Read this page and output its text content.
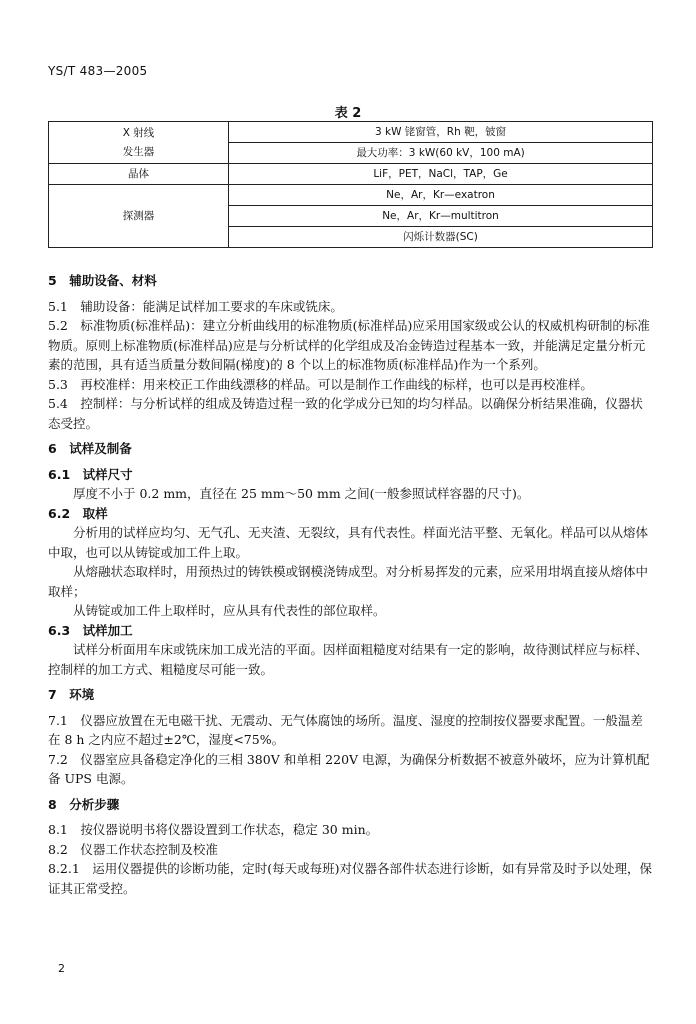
YS/T 483—2005
表 2
X 射线
发生器	3 kW 铑窗管，Rh 靶，铍窗
	最大功率：3 kW(60 kV，100 mA)
晶体	LiF，PET，NaCl，TAP，Ge
探测器	Ne，Ar，Kr—exatron
	Ne，Ar，Kr—multitron
	闪烁计数器(SC)

5　辅助设备、材料

5.1　辅助设备：能满足试样加工要求的车床或铣床。

5.2　标准物质(标准样品)：建立分析曲线用的标准物质(标准样品)应采用国家级或公认的权威机构研制的标准物质。原则上标准物质(标准样品)应是与分析试样的化学组成及冶金铸造过程基本一致，并能满足定量分析元素的范围，具有适当质量分数间隔(梯度)的 8 个以上的标准物质(标准样品)作为一个系列。

5.3　再校准样：用来校正工作曲线漂移的样品。可以是制作工作曲线的标样，也可以是再校准样。

5.4　控制样：与分析试样的组成及铸造过程一致的化学成分已知的均匀样品。以确保分析结果准确，仪器状态受控。

6　试样及制备

6.1　试样尺寸

厚度不小于 0.2 mm，直径在 25 mm～50 mm 之间(一般参照试样容器的尺寸)。

6.2　取样

分析用的试样应均匀、无气孔、无夹渣、无裂纹，具有代表性。样面光洁平整、无氧化。样品可以从熔体中取，也可以从铸锭或加工件上取。

从熔融状态取样时，用预热过的铸铁模或钢模浇铸成型。对分析易挥发的元素，应采用坩埚直接从熔体中取样；

从铸锭或加工件上取样时，应从具有代表性的部位取样。

6.3　试样加工

试样分析面用车床或铣床加工成光洁的平面。因样面粗糙度对结果有一定的影响，故待测试样应与标样、控制样的加工方式、粗糙度尽可能一致。

7　环境

7.1　仪器应放置在无电磁干扰、无震动、无气体腐蚀的场所。温度、湿度的控制按仪器要求配置。一般温差在 8 h 之内应不超过±2℃，湿度<75%。

7.2　仪器室应具备稳定净化的三相 380V 和单相 220V 电源，为确保分析数据不被意外破坏，应为计算机配备 UPS 电源。

8　分析步骤

8.1　按仪器说明书将仪器设置到工作状态，稳定 30 min。

8.2　仪器工作状态控制及校准

8.2.1　运用仪器提供的诊断功能，定时(每天或每班)对仪器各部件状态进行诊断，如有异常及时予以处理，保证其正常受控。

2
